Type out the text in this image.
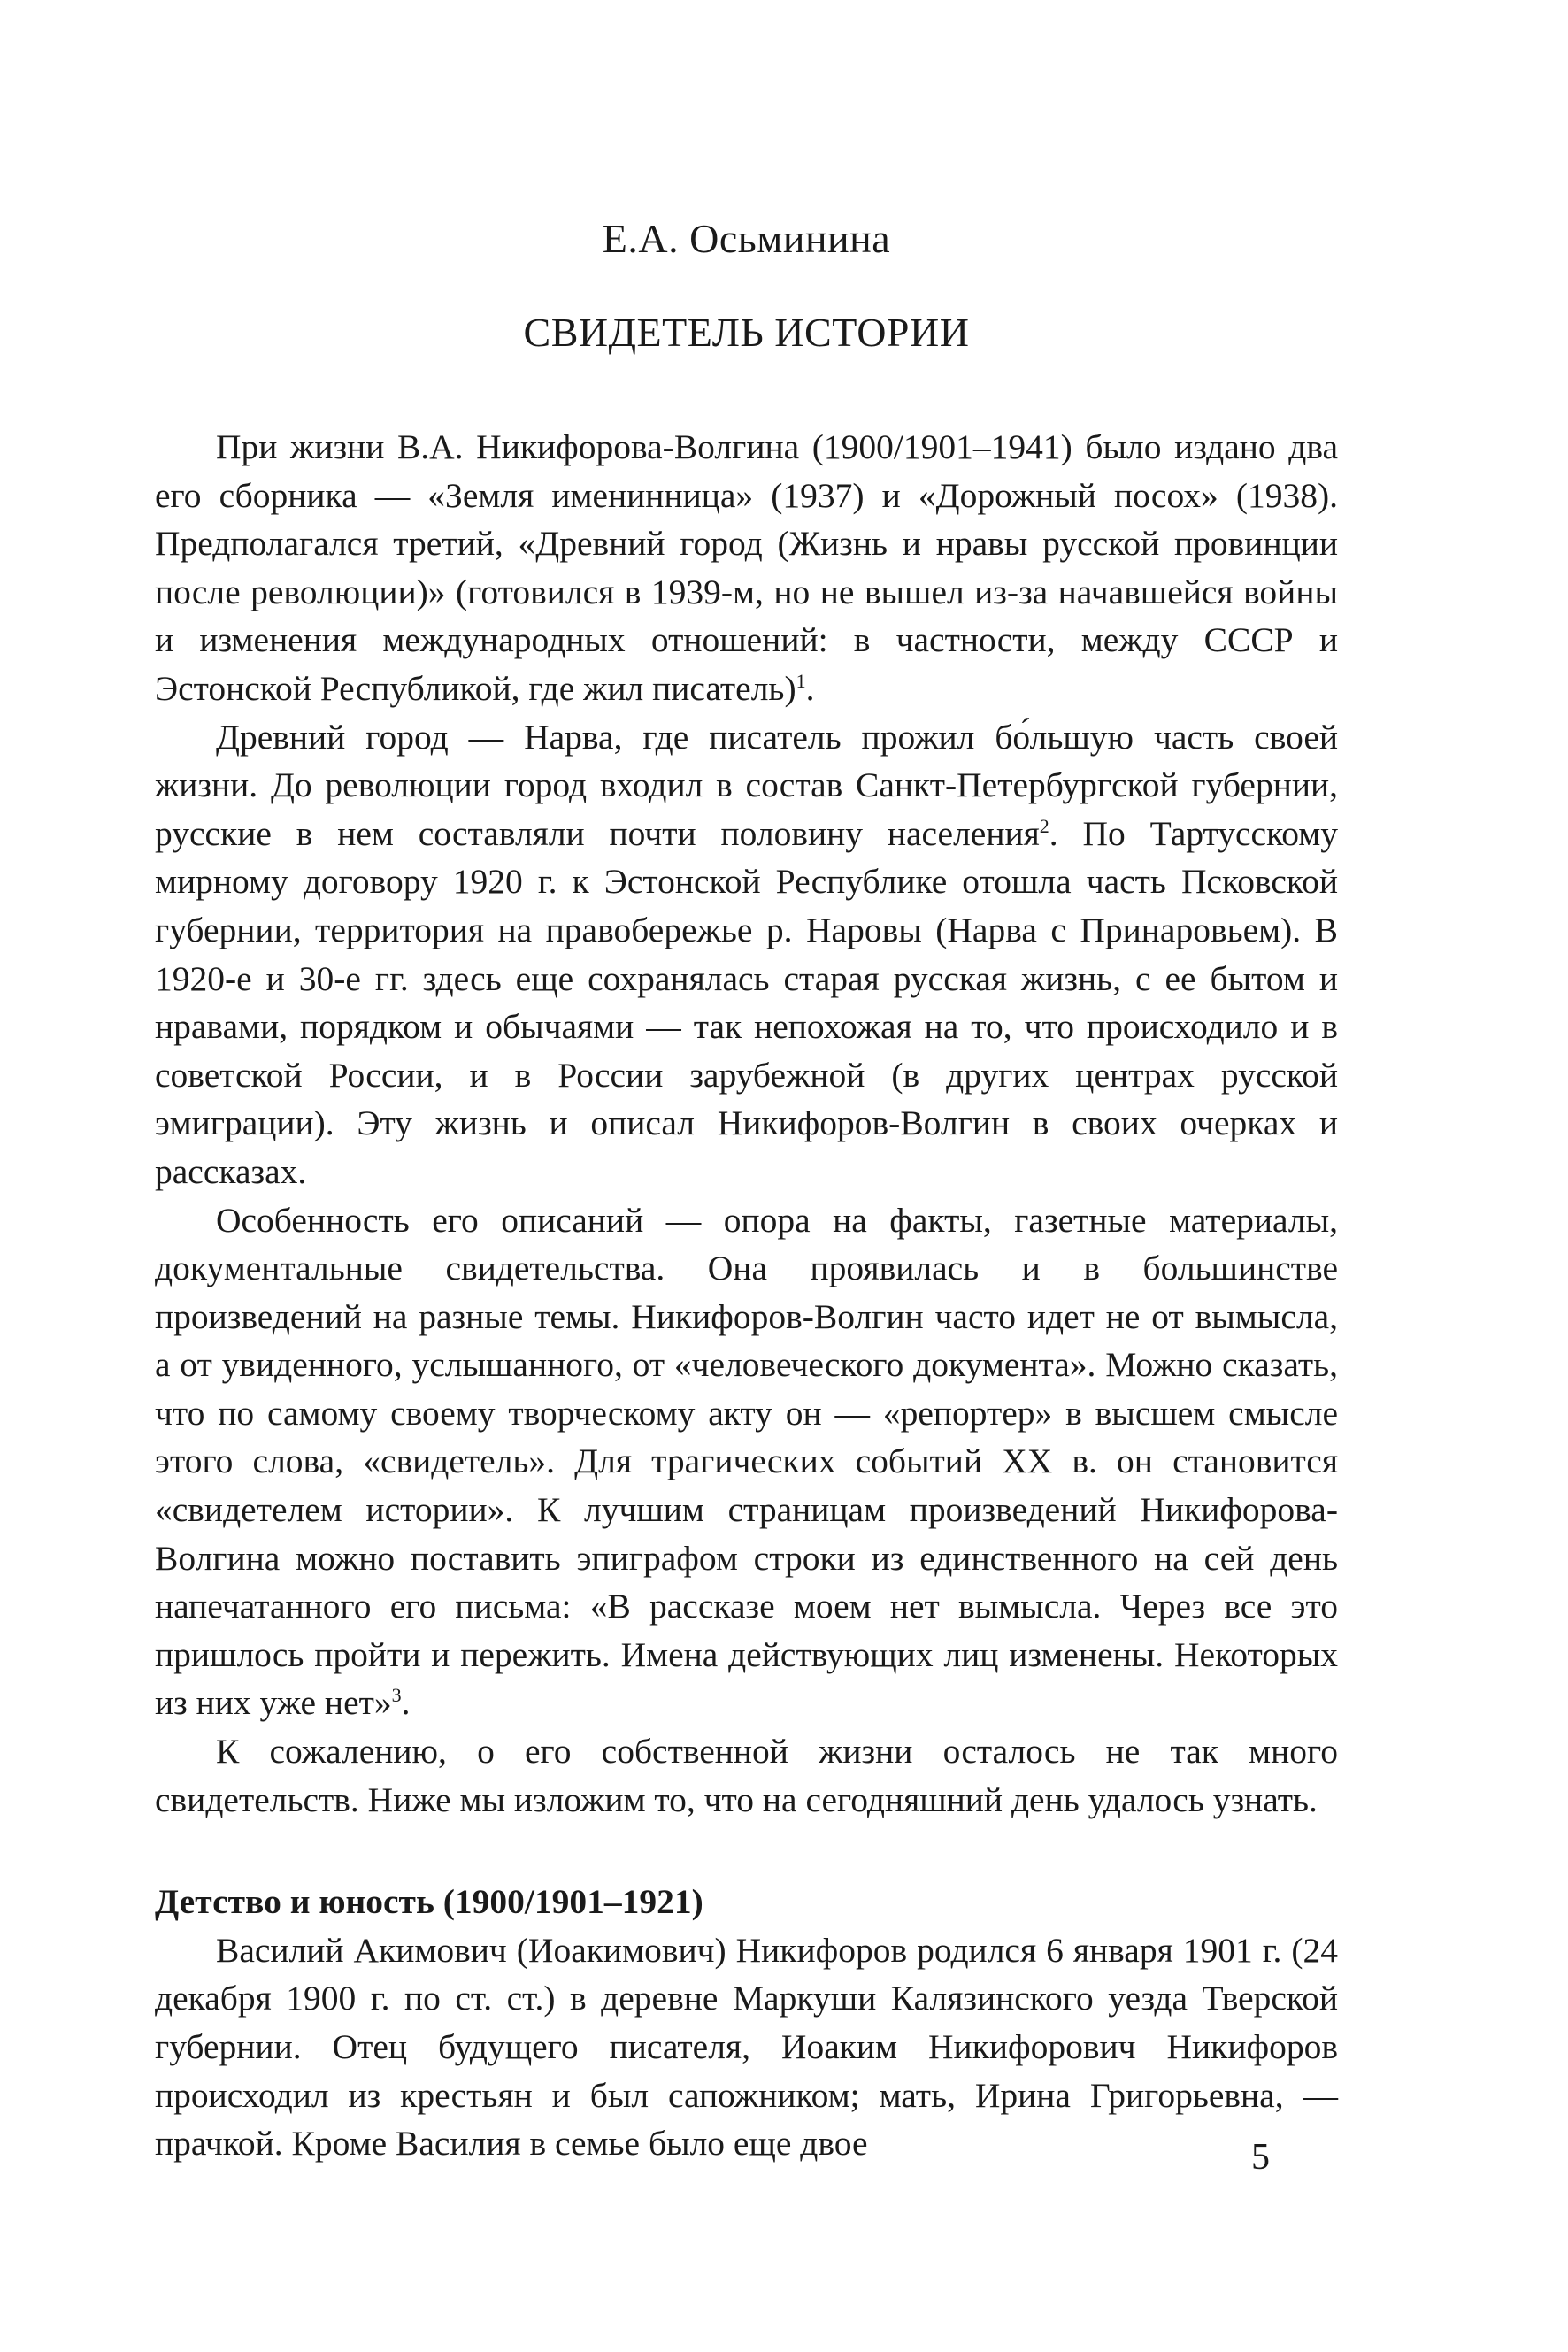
Е.А. Осьминина
СВИДЕТЕЛЬ ИСТОРИИ

При жизни В.А. Никифорова-Волгина (1900/1901–1941) было издано два его сборника — «Земля именинница» (1937) и «Дорожный посох» (1938). Предполагался третий, «Древний город (Жизнь и нравы русской провинции после революции)» (готовился в 1939-м, но не вышел из-за начавшейся войны и изменения международных отношений: в частности, между СССР и Эстонской Республикой, где жил писатель)$^1$.

Древний город — Нарва, где писатель прожил бо́льшую часть своей жизни. До революции город входил в состав Санкт-Петербургской губернии, русские в нем составляли почти половину населения$^2$. По Тартусскому мирному договору 1920 г. к Эстонской Республике отошла часть Псковской губернии, территория на правобережье р. Наровы (Нарва с Принаровьем). В 1920-е и 30-е гг. здесь еще сохранялась старая русская жизнь, с ее бытом и нравами, порядком и обычаями — так непохожая на то, что происходило и в советской России, и в России зарубежной (в других центрах русской эмиграции). Эту жизнь и описал Никифоров-Волгин в своих очерках и рассказах.

Особенность его описаний — опора на факты, газетные материалы, документальные свидетельства. Она проявилась и в большинстве произведений на разные темы. Никифоров-Волгин часто идет не от вымысла, а от увиденного, услышанного, от «человеческого документа». Можно сказать, что по самому своему творческому акту он — «репортер» в высшем смысле этого слова, «свидетель». Для трагических событий XX в. он становится «свидетелем истории». К лучшим страницам произведений Никифорова-Волгина можно поставить эпиграфом строки из единственного на сей день напечатанного его письма: «В рассказе моем нет вымысла. Через все это пришлось пройти и пережить. Имена действующих лиц изменены. Некоторых из них уже нет»$^3$.

К сожалению, о его собственной жизни осталось не так много свидетельств. Ниже мы изложим то, что на сегодняшний день удалось узнать.

Детство и юность (1900/1901–1921)

Василий Акимович (Иоакимович) Никифоров родился 6 января 1901 г. (24 декабря 1900 г. по ст. ст.) в деревне Маркуши Калязинского уезда Тверской губернии. Отец будущего писателя, Иоаким Никифорович Никифоров происходил из крестьян и был сапожником; мать, Ирина Григорьевна, — прачкой. Кроме Василия в семье было еще двое	5
